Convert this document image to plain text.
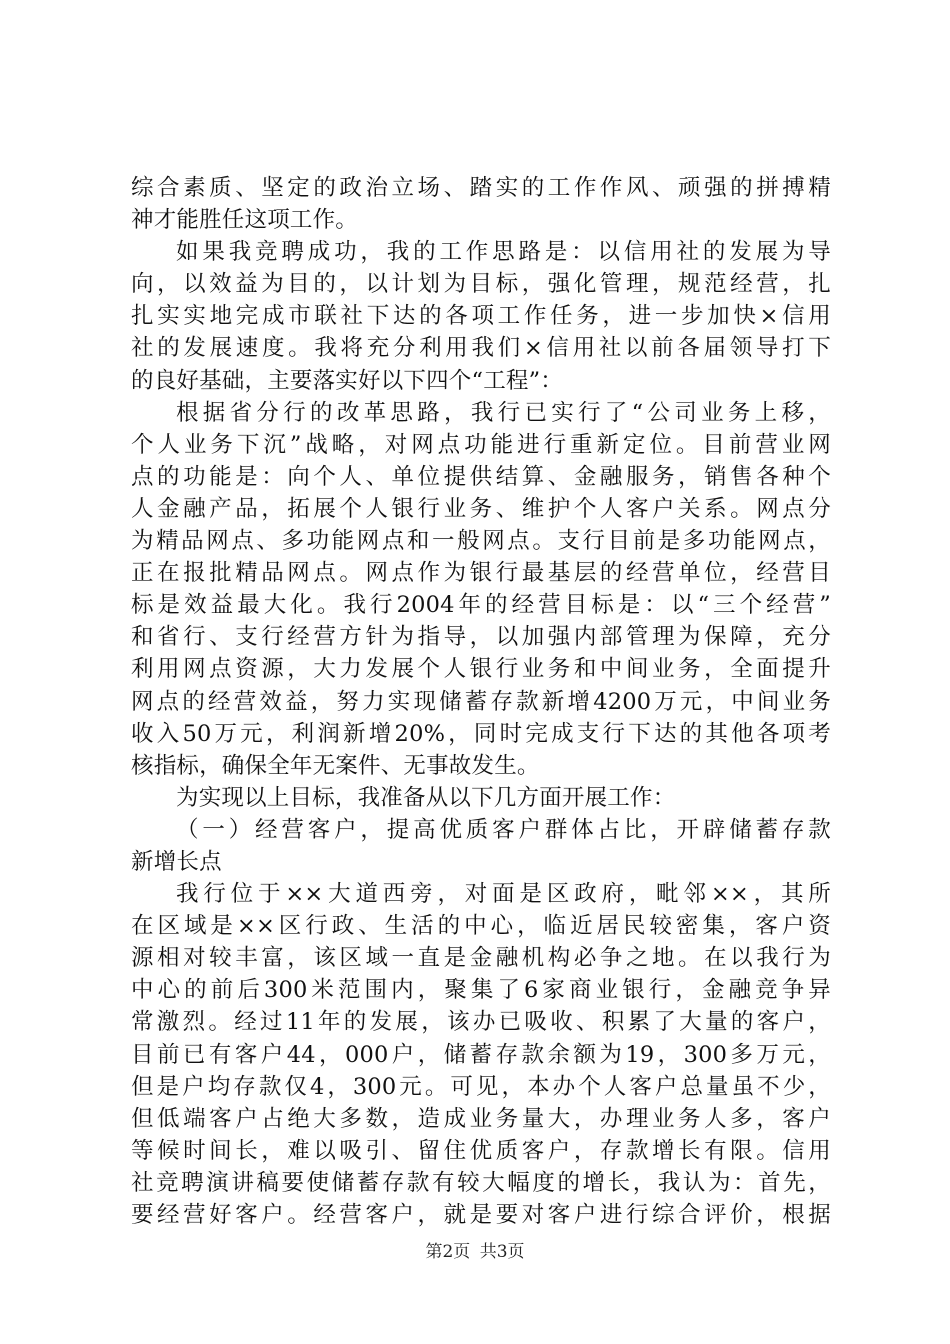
综合素质、坚定的政治立场、踏实的工作作风、顽强的拼搏精
神才能胜任这项工作。
如果我竞聘成功，我的工作思路是：以信用社的发展为导
向，以效益为目的，以计划为目标，强化管理，规范经营，扎
扎实实地完成市联社下达的各项工作任务，进一步加快×信用
社的发展速度。我将充分利用我们×信用社以前各届领导打下
的良好基础，主要落实好以下四个“工程”：
根据省分行的改革思路，我行已实行了“公司业务上移，
个人业务下沉”战略，对网点功能进行重新定位。目前营业网
点的功能是：向个人、单位提供结算、金融服务，销售各种个
人金融产品，拓展个人银行业务、维护个人客户关系。网点分
为精品网点、多功能网点和一般网点。支行目前是多功能网点，
正在报批精品网点。网点作为银行最基层的经营单位，经营目
标是效益最大化。我行2004年的经营目标是：以“三个经营”
和省行、支行经营方针为指导，以加强内部管理为保障，充分
利用网点资源，大力发展个人银行业务和中间业务，全面提升
网点的经营效益，努力实现储蓄存款新增4200万元，中间业务
收入50万元，利润新增20%，同时完成支行下达的其他各项考
核指标，确保全年无案件、无事故发生。
为实现以上目标，我准备从以下几方面开展工作：
（一）经营客户，提高优质客户群体占比，开辟储蓄存款
新增长点
我行位于××大道西旁，对面是区政府，毗邻××，其所
在区域是××区行政、生活的中心，临近居民较密集，客户资
源相对较丰富，该区域一直是金融机构必争之地。在以我行为
中心的前后300米范围内，聚集了6家商业银行，金融竞争异
常激烈。经过11年的发展，该办已吸收、积累了大量的客户，
目前已有客户44，000户，储蓄存款余额为19，300多万元，
但是户均存款仅4，300元。可见，本办个人客户总量虽不少，
但低端客户占绝大多数，造成业务量大，办理业务人多，客户
等候时间长，难以吸引、留住优质客户，存款增长有限。信用
社竞聘演讲稿要使储蓄存款有较大幅度的增长，我认为：首先，
要经营好客户。经营客户，就是要对客户进行综合评价，根据
第2页 共3页
